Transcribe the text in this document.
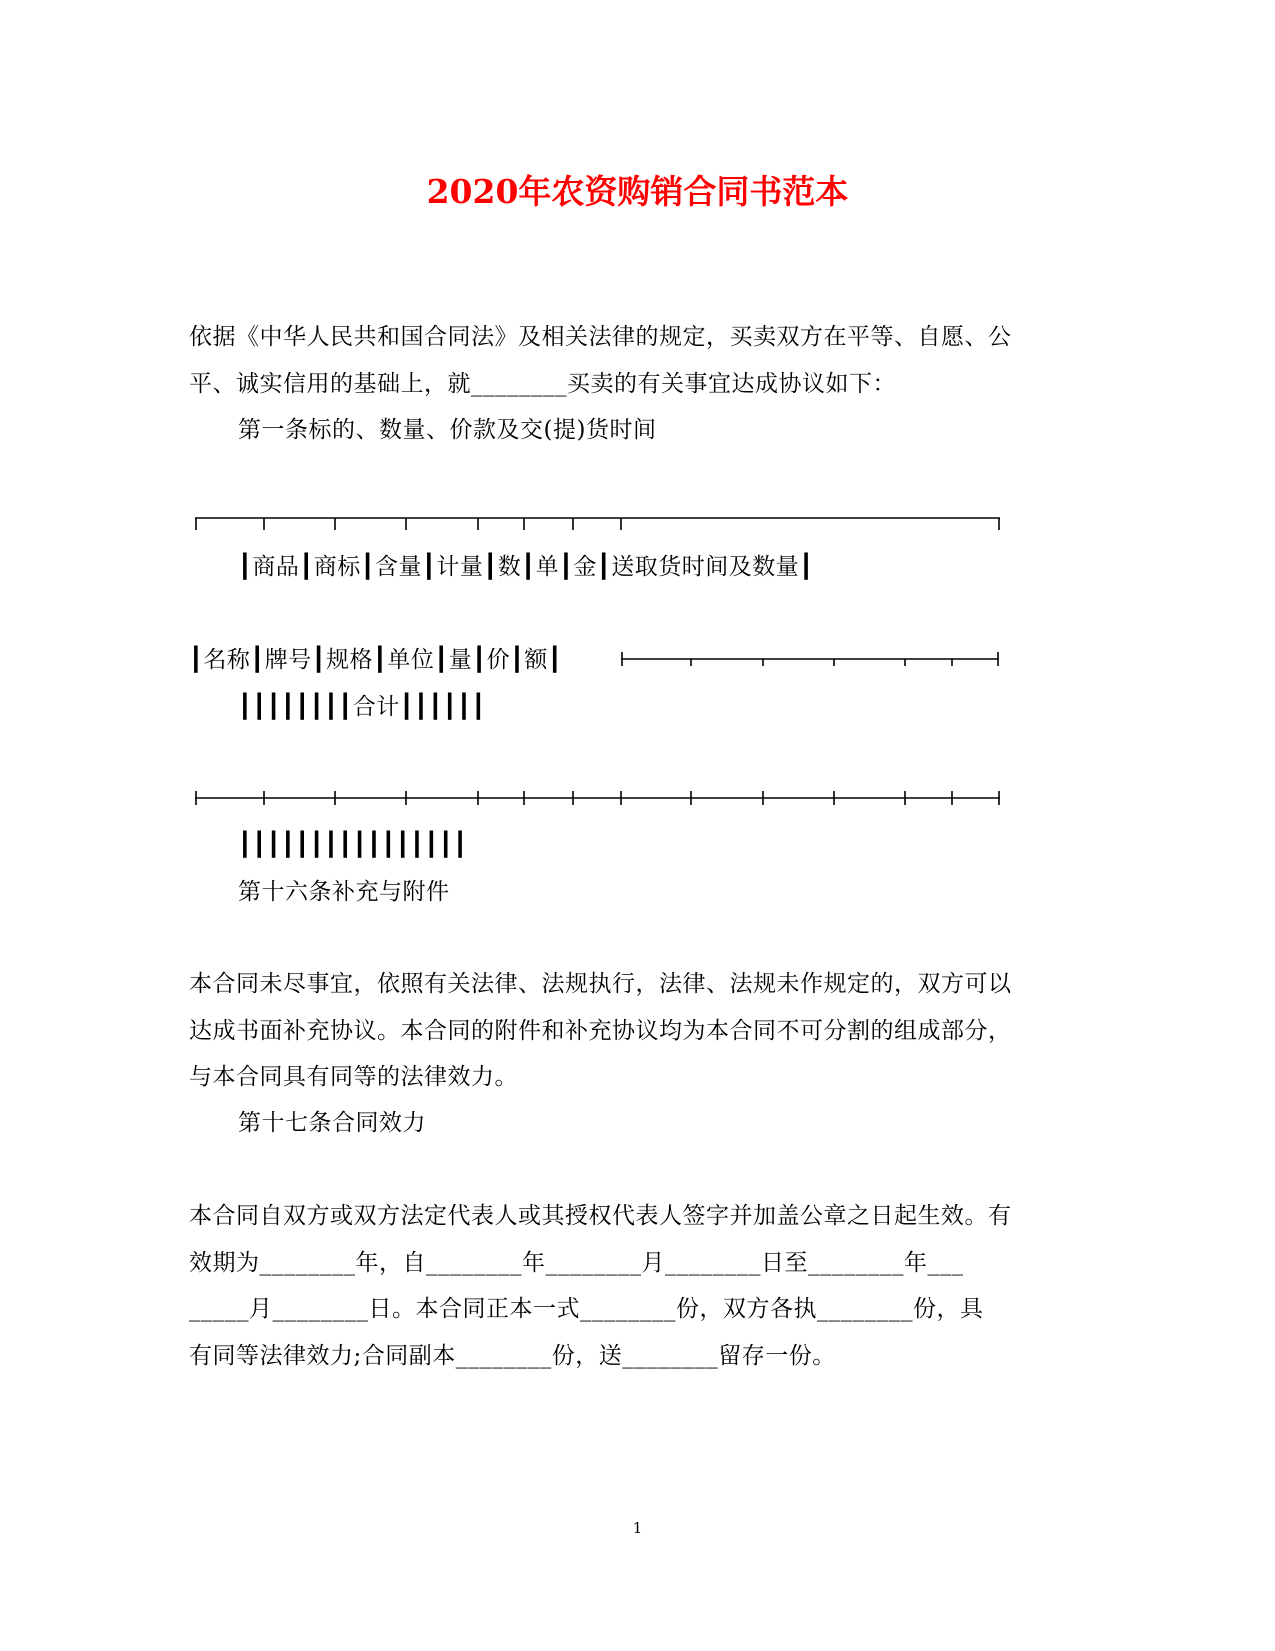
2020年农资购销合同书范本
依据《中华人民共和国合同法》及相关法律的规定，买卖双方在平等、自愿、公
平、诚实信用的基础上，就________买卖的有关事宜达成协议如下：
第一条标的、数量、价款及交(提)货时间
┃商品┃商标┃含量┃计量┃数┃单┃金┃送取货时间及数量┃
┃名称┃牌号┃规格┃单位┃量┃价┃额┃
┃┃┃┃┃┃┃┃合计┃┃┃┃┃┃
┃┃┃┃┃┃┃┃┃┃┃┃┃┃┃┃
第十六条补充与附件
本合同未尽事宜，依照有关法律、法规执行，法律、法规未作规定的，双方可以
达成书面补充协议。本合同的附件和补充协议均为本合同不可分割的组成部分，
与本合同具有同等的法律效力。
第十七条合同效力
本合同自双方或双方法定代表人或其授权代表人签字并加盖公章之日起生效。有
效期为________年，自________年________月________日至________年___
_____月________日。本合同正本一式________份，双方各执________份，具
有同等法律效力;合同副本________份，送________留存一份。
1
